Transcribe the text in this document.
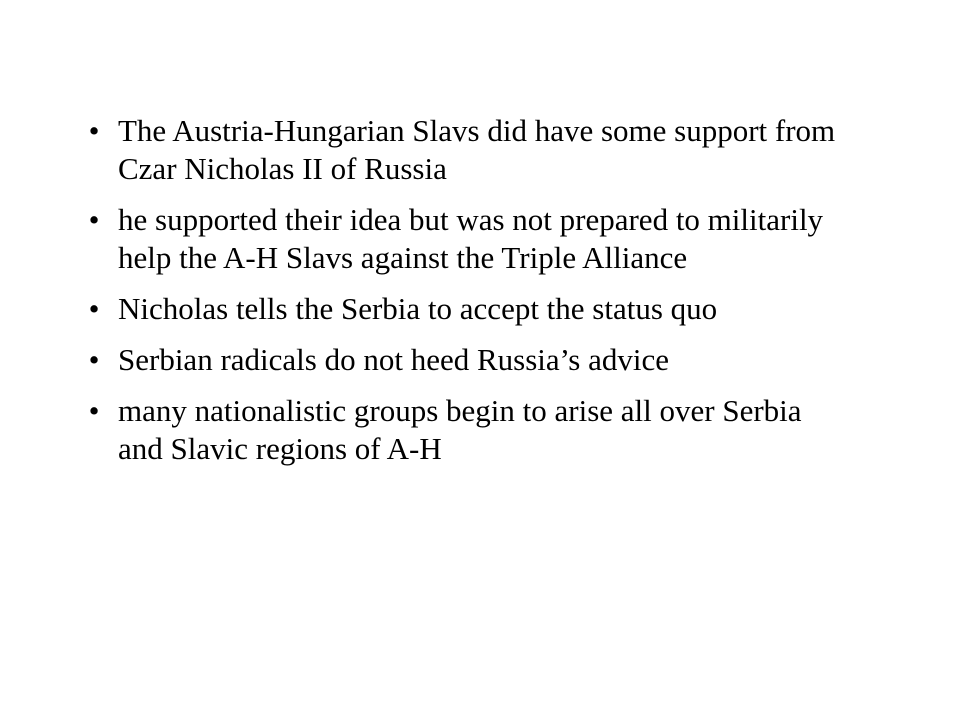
• The Austria-Hungarian Slavs did have some support from Czar Nicholas II of Russia
• he supported their idea but was not prepared to militarily help the A-H Slavs against the Triple Alliance
• Nicholas tells the Serbia to accept the status quo
• Serbian radicals do not heed Russia’s advice
• many nationalistic groups begin to arise all over Serbia and Slavic regions of A-H
